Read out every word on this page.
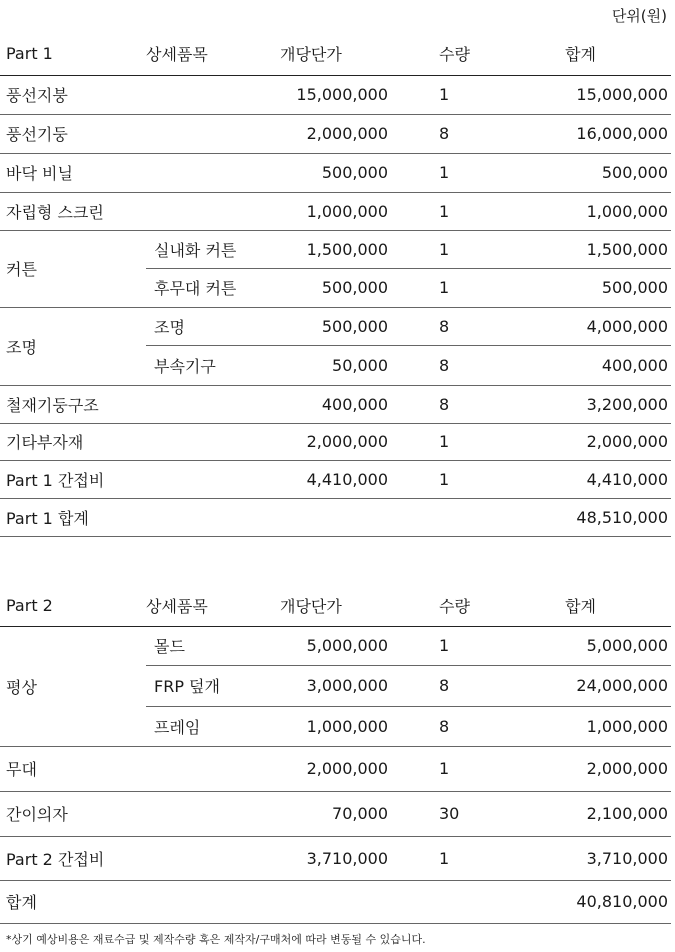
단위(원)
Part 1	상세품목	개당단가	수량	합계
풍선지붕		15,000,000	1	15,000,000
풍선기둥		2,000,000	8	16,000,000
바닥 비닐		500,000	1	500,000
자립형 스크린		1,000,000	1	1,000,000
커튼	실내화 커튼	1,500,000	1	1,500,000
	후무대 커튼	500,000	1	500,000
조명	조명	500,000	8	4,000,000
	부속기구	50,000	8	400,000
철재기둥구조		400,000	8	3,200,000
기타부자재		2,000,000	1	2,000,000
Part 1 간접비		4,410,000	1	4,410,000
Part 1 합계				48,510,000
Part 2	상세품목	개당단가	수량	합계
평상	몰드	5,000,000	1	5,000,000
	FRP 덮개	3,000,000	8	24,000,000
	프레임	1,000,000	8	1,000,000
무대		2,000,000	1	2,000,000
간이의자		70,000	30	2,100,000
Part 2 간접비		3,710,000	1	3,710,000
합계				40,810,000
*상기 예상비용은 재료수급 및 제작수량 혹은 제작자/구매처에 따라 변동될 수 있습니다.
